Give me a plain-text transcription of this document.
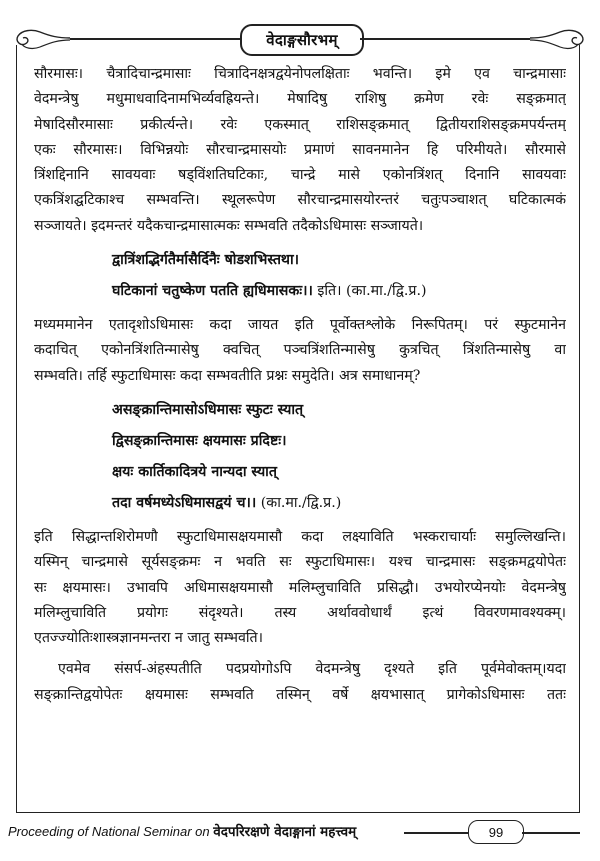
वेदाङ्गसौरभम्
सौरमासः। चैत्रादिचान्द्रमासाः चित्रादिनक्षत्रद्वयेनोपलक्षिताः भवन्ति। इमे एव चान्द्रमासाः
वेदमन्त्रेषु मधुमाधवादिनामभिर्व्यवह्रियन्ते। मेषादिषु राशिषु क्रमेण रवेः सङ्क्रमात्
मेषादिसौरमासाः प्रकीर्त्यन्ते। रवेः एकस्मात् राशिसङ्क्रमात् द्वितीयराशिसङ्क्रमपर्यन्तम्
एकः सौरमासः। विभिन्नयोः सौरचान्द्रमासयोः प्रमाणं सावनमानेन हि परिमीयते। सौरमासे
त्रिंशद्दिनानि सावयवाः षड्विंशतिघटिकाः, चान्द्रे मासे एकोनत्रिंशत् दिनानि सावयवाः
एकत्रिंशद्घटिकाश्च सम्भवन्ति। स्थूलरूपेण सौरचान्द्रमासयोरन्तरं चतुःपञ्चाशत् घटिकात्मकं
सञ्जायते। इदमन्तरं यदैकचान्द्रमासात्मकः सम्भवति तदैकोऽधिमासः सञ्जायते।
द्वात्रिंशद्भिर्गतैर्मासैर्दिनैः षोडशभिस्तथा।
घटिकानां चतुष्केण पतति ह्यधिमासकः।। इति। (का.मा./द्वि.प्र.)
मध्यममानेन एतादृशोऽधिमासः कदा जायत इति पूर्वोक्तश्लोके निरूपितम्। परं स्फुटमानेन
कदाचित् एकोनत्रिंशतिन्मासेषु क्वचित् पञ्चत्रिंशतिन्मासेषु कुत्रचित् त्रिंशतिन्मासेषु वा
सम्भवति। तर्हि स्फुटाधिमासः कदा सम्भवतीति प्रश्नः समुदेति। अत्र समाधानम्?
असङ्क्रान्तिमासोऽधिमासः स्फुटः स्यात्
द्विसङ्क्रान्तिमासः क्षयमासः प्रदिष्टः।
क्षयः कार्तिकादित्रये नान्यदा स्यात्
तदा वर्षमध्येऽधिमासद्वयं च।। (का.मा./द्वि.प्र.)
इति सिद्धान्तशिरोमणौ स्फुटाधिमासक्षयमासौ कदा लक्ष्याविति भस्कराचार्याः समुल्लिखन्ति।
यस्मिन् चान्द्रमासे सूर्यसङ्क्रमः न भवति सः स्फुटाधिमासः। यश्च चान्द्रमासः सङ्क्रमद्वयोपेतः
सः क्षयमासः। उभावपि अधिमासक्षयमासौ मलिम्लुचाविति प्रसिद्धौ। उभयोरप्येनयोः वेदमन्त्रेषु
मलिम्लुचाविति प्रयोगः संदृश्यते। तस्य अर्थाववोधार्थं इत्थं विवरणमावश्यक्म्।
एतज्ज्योतिःशास्त्रज्ञानमन्तरा न जातु सम्भवति।
एवमेव संसर्प-अंहस्पतीति पदप्रयोगोऽपि वेदमन्त्रेषु दृश्यते इति पूर्वमेवोक्तम्।यदा
सङ्क्रान्तिद्वयोपेतः क्षयमासः सम्भवति तस्मिन् वर्षे क्षयभासात् प्रागेकोऽधिमासः ततः
Proceeding of National Seminar on वेदपरिरक्षणे वेदाङ्गानां महत्त्वम्	99
